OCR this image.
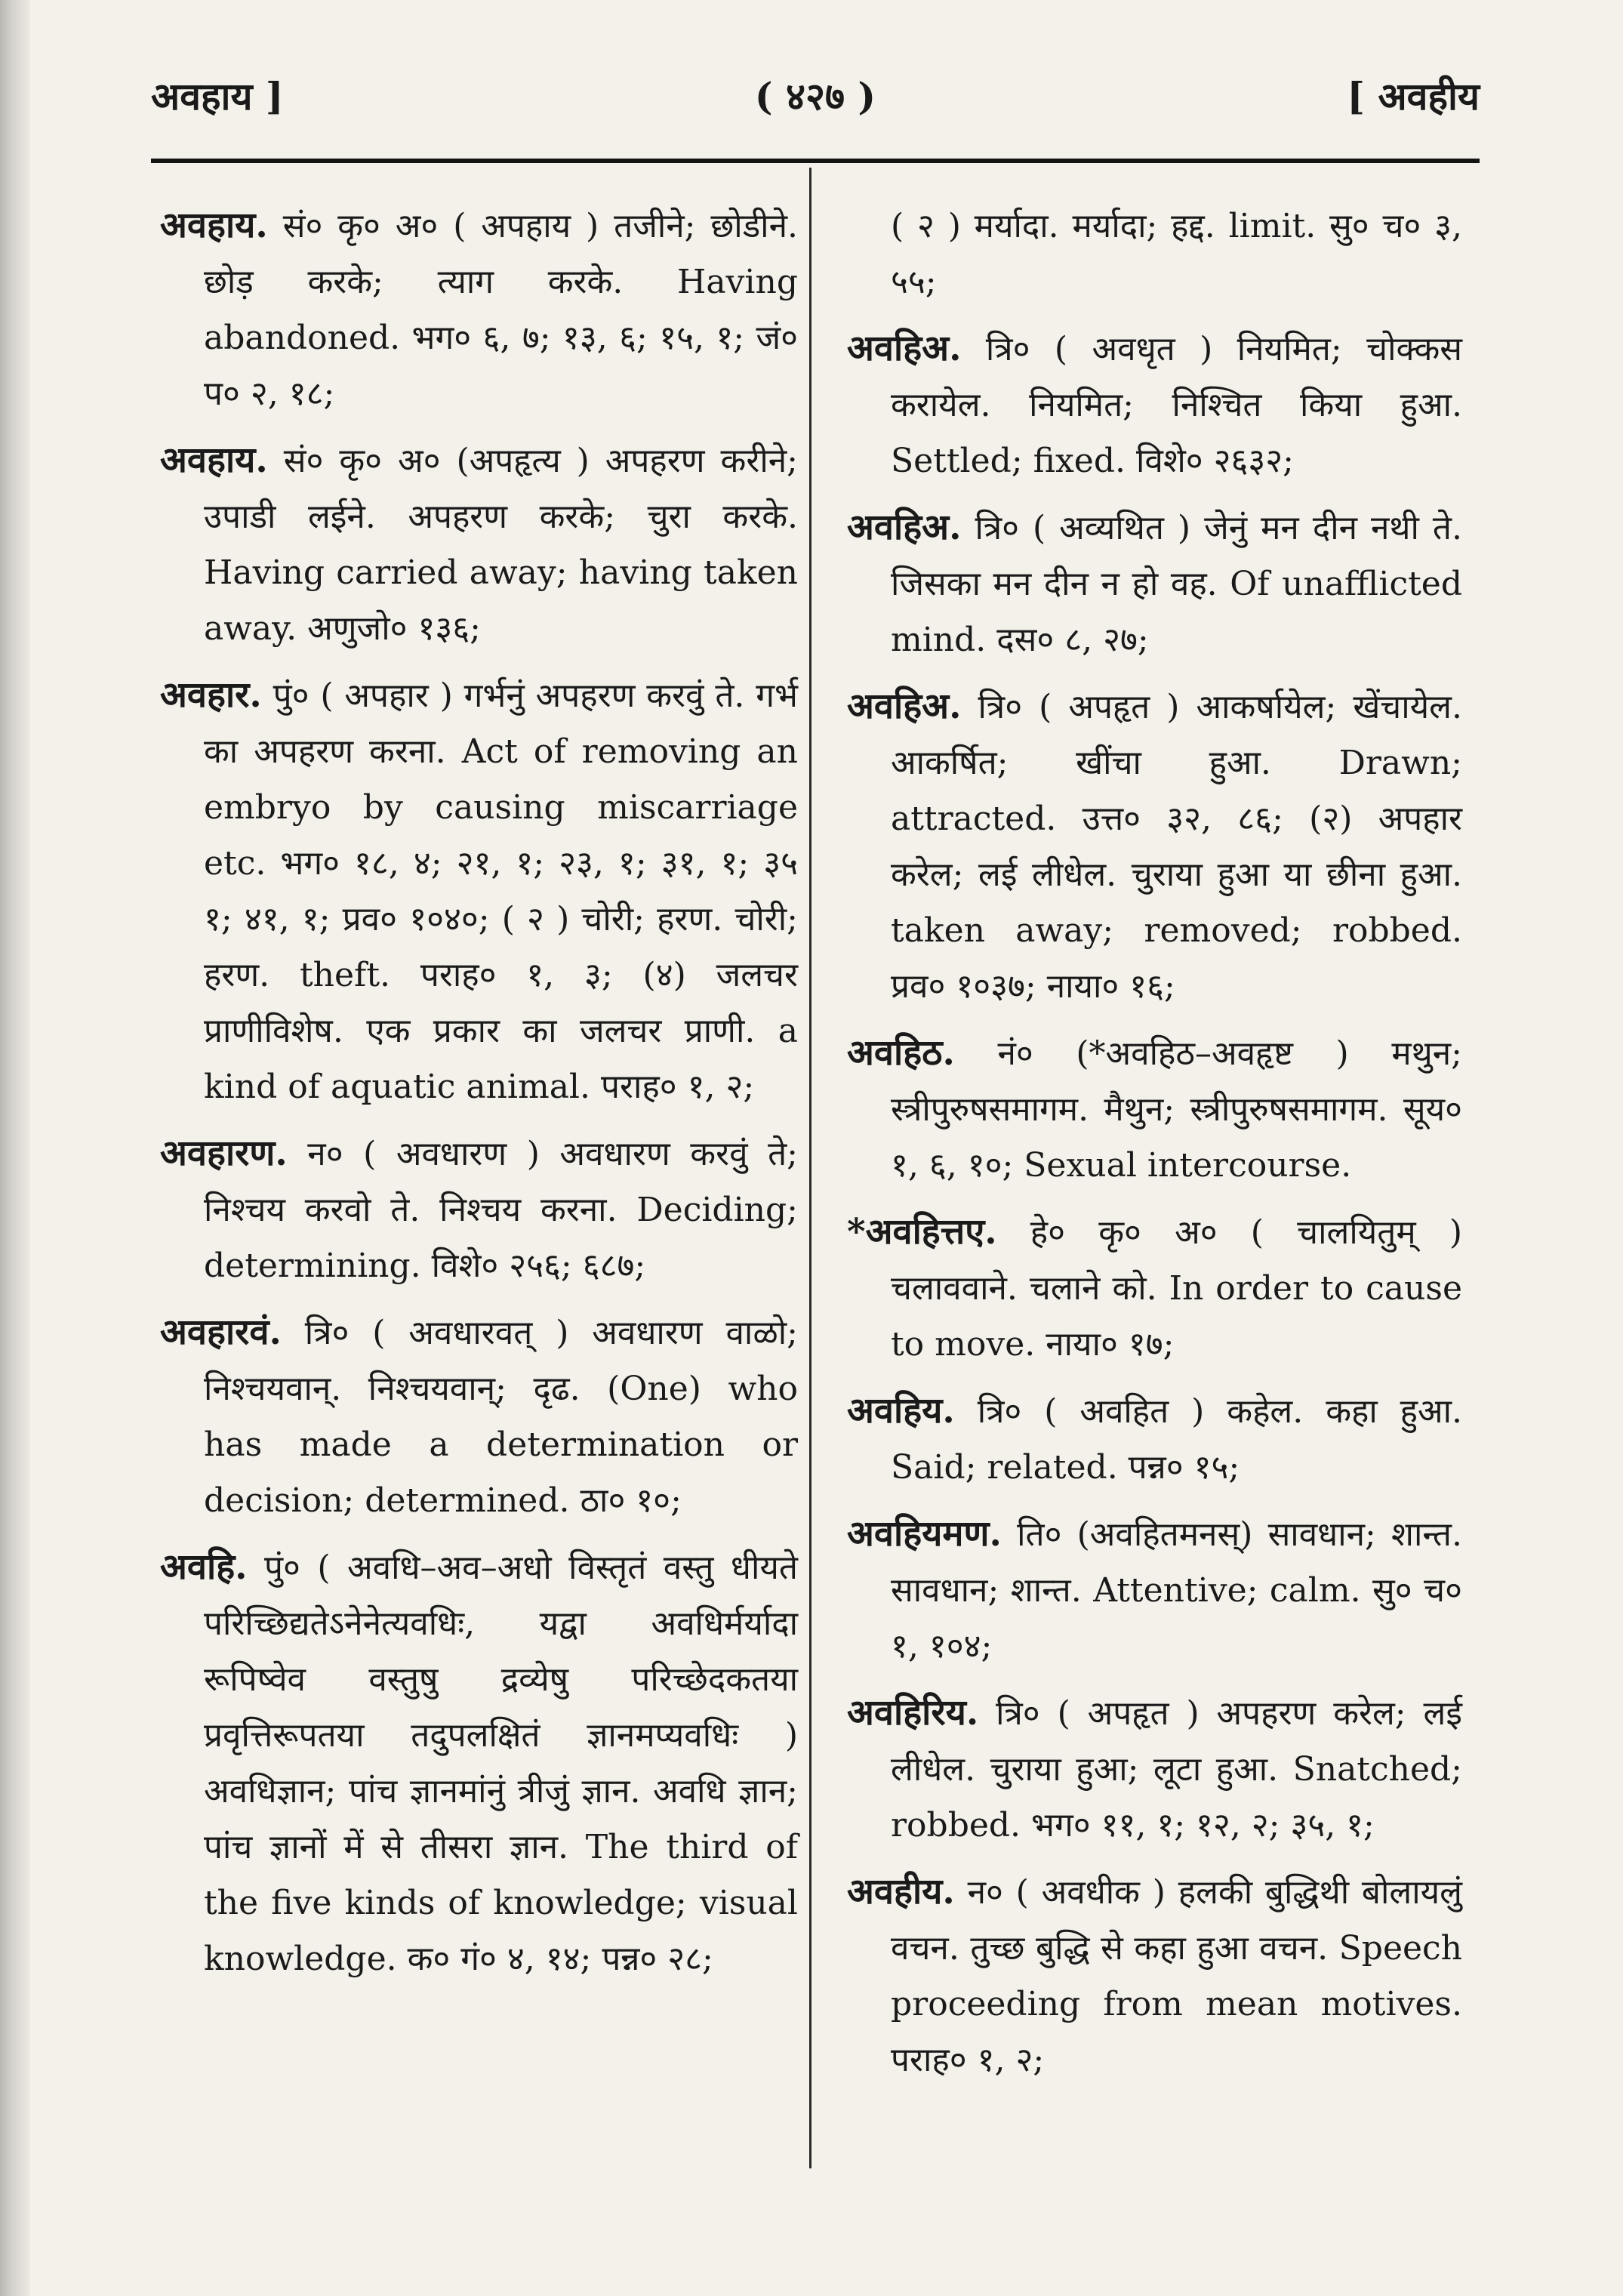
अवहाय ]	( ४२७ )	[ अवहीय

अवहाय. सं० कृ० अ० ( अपहाय ) तजीने; छोडीने. छोड़ करके; त्याग करके. Having abandoned. भग० ६, ७; १३, ६; १५, १; जं० प० २, १८;

अवहाय. सं० कृ० अ० (अपहृत्य ) अपहरण करीने; उपाडी लईने. अपहरण करके; चुरा करके. Having carried away; having taken away. अणुजो० १३६;

अवहार. पुं० ( अपहार ) गर्भनुं अपहरण करवुं ते. गर्भ का अपहरण करना. Act of removing an embryo by causing miscarriage etc. भग० १८, ४; २१, १; २३, १; ३१, १; ३५ १; ४१, १; प्रव० १०४०; ( २ ) चोरी; हरण. चोरी; हरण. theft. पराह० १, ३; (४) जलचर प्राणीविशेष. एक प्रकार का जलचर प्राणी. a kind of aquatic animal. पराह० १, २;

अवहारण. न० ( अवधारण ) अवधारण करवुं ते; निश्चय करवो ते. निश्चय करना. Deciding; determining. विशे० २५६; ६८७;

अवहारवं. त्रि० ( अवधारवत् ) अवधारण वाळो; निश्चयवान्. निश्चयवान्; दृढ. (One) who has made a determination or decision; determined. ठा० १०;

अवहि. पुं० ( अवधि–अव–अधो विस्तृतं वस्तु धीयते परिच्छिद्यतेऽनेनेत्यवधिः, यद्वा अवधिर्मर्यादा रूपिष्वेव वस्तुषु द्रव्येषु परिच्छेदकतया प्रवृत्तिरूपतया तदुपलक्षितं ज्ञानमप्यवधिः ) अवधिज्ञान; पांच ज्ञानमांनुं त्रीजुं ज्ञान. अवधि ज्ञान; पांच ज्ञानों में से तीसरा ज्ञान. The third of the five kinds of knowledge; visual knowledge. क० गं० ४, १४; पन्न० २८;

( २ ) मर्यादा. मर्यादा; हद्द. limit. सु० च० ३, ५५;

अवहिअ. त्रि० ( अवधृत ) नियमित; चोक्कस करायेल. नियमित; निश्चित किया हुआ. Settled; fixed. विशे० २६३२;

अवहिअ. त्रि० ( अव्यथित ) जेनुं मन दीन नथी ते. जिसका मन दीन न हो वह. Of unafflicted mind. दस० ८, २७;

अवहिअ. त्रि० ( अपहृत ) आकर्षायेल; खेंचायेल. आकर्षित; खींचा हुआ. Drawn; attracted. उत्त० ३२, ८६; (२) अपहार करेल; लई लीधेल. चुराया हुआ या छीना हुआ. taken away; removed; robbed. प्रव० १०३७; नाया० १६;

अवहिठ. नं० (*अवहिठ–अवहृष्ट ) मथुन; स्त्रीपुरुषसमागम. मैथुन; स्त्रीपुरुषसमागम. सूय० १, ६, १०; Sexual intercourse.

*अवहित्तए. हे० कृ० अ० ( चालयितुम् ) चलाववाने. चलाने को. In order to cause to move. नाया० १७;

अवहिय. त्रि० ( अवहित ) कहेल. कहा हुआ. Said; related. पन्न० १५;

अवहियमण. ति० (अवहितमनस्) सावधान; शान्त. सावधान; शान्त. Attentive; calm. सु० च० १, १०४;

अवहिरिय. त्रि० ( अपहृत ) अपहरण करेल; लई लीधेल. चुराया हुआ; लूटा हुआ. Snatched; robbed. भग० ११, १; १२, २; ३५, १;

अवहीय. न० ( अवधीक ) हलकी बुद्धिथी बोलायलुं वचन. तुच्छ बुद्धि से कहा हुआ वचन. Speech proceeding from mean motives. पराह० १, २;
